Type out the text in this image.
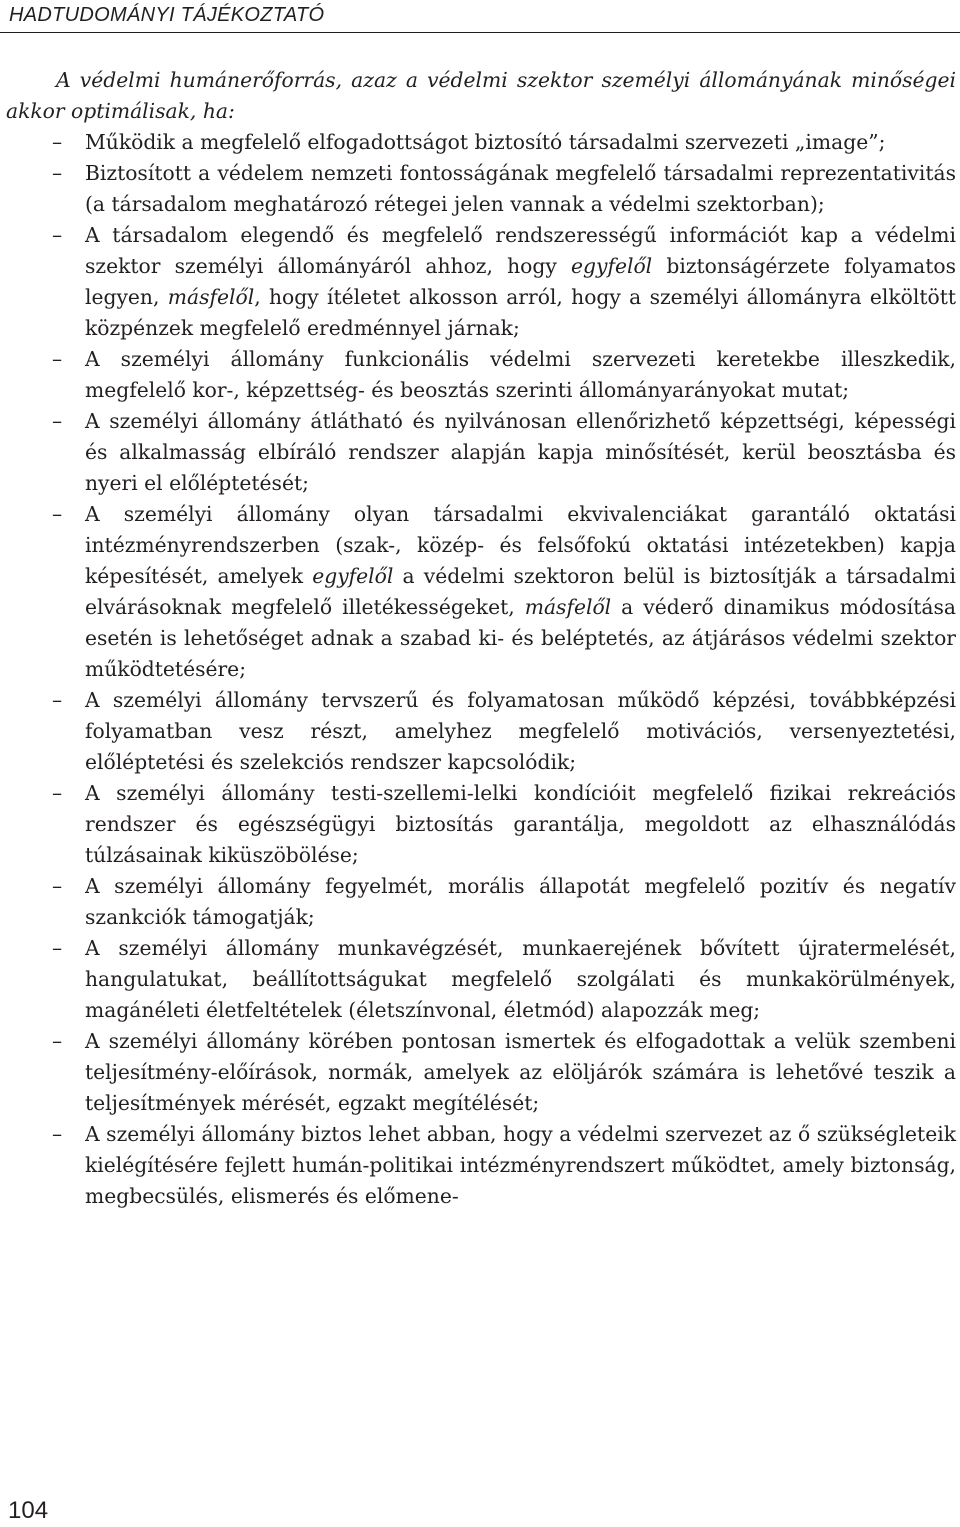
HADTUDOMÁNYI TÁJÉKOZTATÓ

A védelmi humánerőforrás, azaz a védelmi szektor személyi állományának minőségei akkor optimálisak, ha:

– Működik a megfelelő elfogadottságot biztosító társadalmi szervezeti „image”;
– Biztosított a védelem nemzeti fontosságának megfelelő társadalmi reprezentativitás (a társadalom meghatározó rétegei jelen vannak a védelmi szektorban);
– A társadalom elegendő és megfelelő rendszerességű információt kap a védelmi szektor személyi állományáról ahhoz, hogy egyfelől biztonságérzete folyamatos legyen, másfelől, hogy ítéletet alkosson arról, hogy a személyi állományra elköltött közpénzek megfelelő eredménnyel járnak;
– A személyi állomány funkcionális védelmi szervezeti keretekbe illeszkedik, megfelelő kor-, képzettség- és beosztás szerinti állományarányokat mutat;
– A személyi állomány átlátható és nyilvánosan ellenőrizhető képzettségi, képességi és alkalmasság elbíráló rendszer alapján kapja minősítését, kerül beosztásba és nyeri el előléptetését;
– A személyi állomány olyan társadalmi ekvivalenciákat garantáló oktatási intézményrendszerben (szak-, közép- és felsőfokú oktatási intézetekben) kapja képesítését, amelyek egyfelől a védelmi szektoron belül is biztosítják a társadalmi elvárásoknak megfelelő illetékességeket, másfelől a véderő dinamikus módosítása esetén is lehetőséget adnak a szabad ki- és beléptetés, az átjárásos védelmi szektor működtetésére;
– A személyi állomány tervszerű és folyamatosan működő képzési, továbbképzési folyamatban vesz részt, amelyhez megfelelő motivációs, versenyeztetési, előléptetési és szelekciós rendszer kapcsolódik;
– A személyi állomány testi-szellemi-lelki kondícióit megfelelő fizikai rekreációs rendszer és egészségügyi biztosítás garantálja, megoldott az elhasználódás túlzásainak kiküszöbölése;
– A személyi állomány fegyelmét, morális állapotát megfelelő pozitív és negatív szankciók támogatják;
– A személyi állomány munkavégzését, munkaerejének bővített újratermelését, hangulatukat, beállítottságukat megfelelő szolgálati és munkakörülmények, magánéleti életfeltételek (életszínvonal, életmód) alapozzák meg;
– A személyi állomány körében pontosan ismertek és elfogadottak a velük szembeni teljesítmény-előírások, normák, amelyek az elöljárók számára is lehetővé teszik a teljesítmények mérését, egzakt megítélését;
– A személyi állomány biztos lehet abban, hogy a védelmi szervezet az ő szükségleteik kielégítésére fejlett humán-politikai intézményrendszert működtet, amely biztonság, megbecsülés, elismerés és előmene-
104
